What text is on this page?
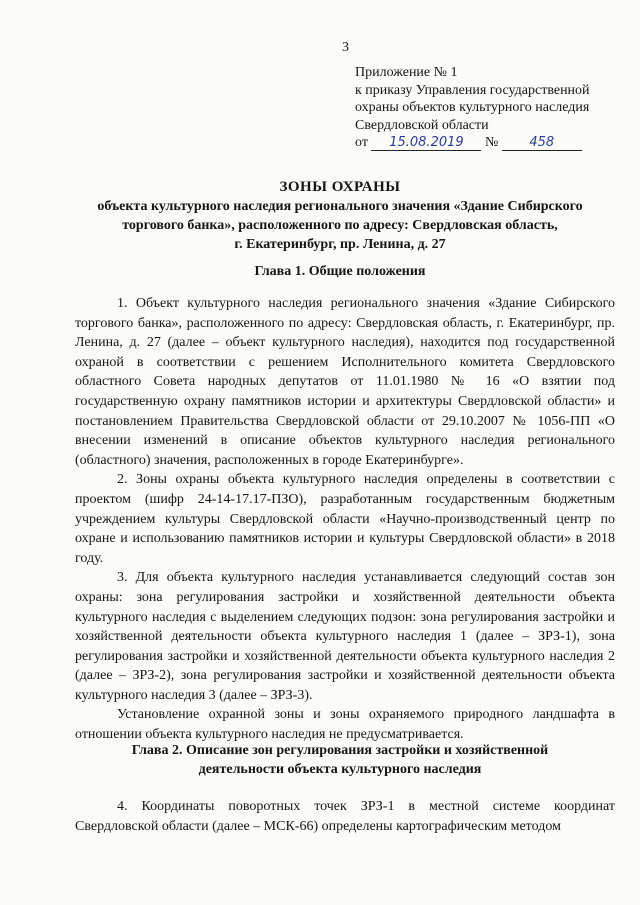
3
Приложение № 1
к приказу Управления государственной
охраны объектов культурного наследия
Свердловской области
от 15.08.2019 № 458
ЗОНЫ ОХРАНЫ
объекта культурного наследия регионального значения «Здание Сибирского
торгового банка», расположенного по адресу: Свердловская область,
г. Екатеринбург, пр. Ленина, д. 27
Глава 1. Общие положения

1. Объект культурного наследия регионального значения «Здание Сибирского торгового банка», расположенного по адресу: Свердловская область, г. Екатеринбург, пр. Ленина, д. 27 (далее – объект культурного наследия), находится под государственной охраной в соответствии с решением Исполнительного комитета Свердловского областного Совета народных депутатов от 11.01.1980 № 16 «О взятии под государственную охрану памятников истории и архитектуры Свердловской области» и постановлением Правительства Свердловской области от 29.10.2007 № 1056-ПП «О внесении изменений в описание объектов культурного наследия регионального (областного) значения, расположенных в городе Екатеринбурге».

2. Зоны охраны объекта культурного наследия определены в соответствии с проектом (шифр 24-14-17.17-ПЗО), разработанным государственным бюджетным учреждением культуры Свердловской области «Научно-производственный центр по охране и использованию памятников истории и культуры Свердловской области» в 2018 году.

3. Для объекта культурного наследия устанавливается следующий состав зон охраны: зона регулирования застройки и хозяйственной деятельности объекта культурного наследия с выделением следующих подзон: зона регулирования застройки и хозяйственной деятельности объекта культурного наследия 1 (далее – ЗРЗ-1), зона регулирования застройки и хозяйственной деятельности объекта культурного наследия 2 (далее – ЗРЗ-2), зона регулирования застройки и хозяйственной деятельности объекта культурного наследия 3 (далее – ЗРЗ-3).

Установление охранной зоны и зоны охраняемого природного ландшафта в отношении объекта культурного наследия не предусматривается.

Глава 2. Описание зон регулирования застройки и хозяйственной
деятельности объекта культурного наследия

4. Координаты поворотных точек ЗРЗ-1 в местной системе координат Свердловской области (далее – МСК-66) определены картографическим методом
